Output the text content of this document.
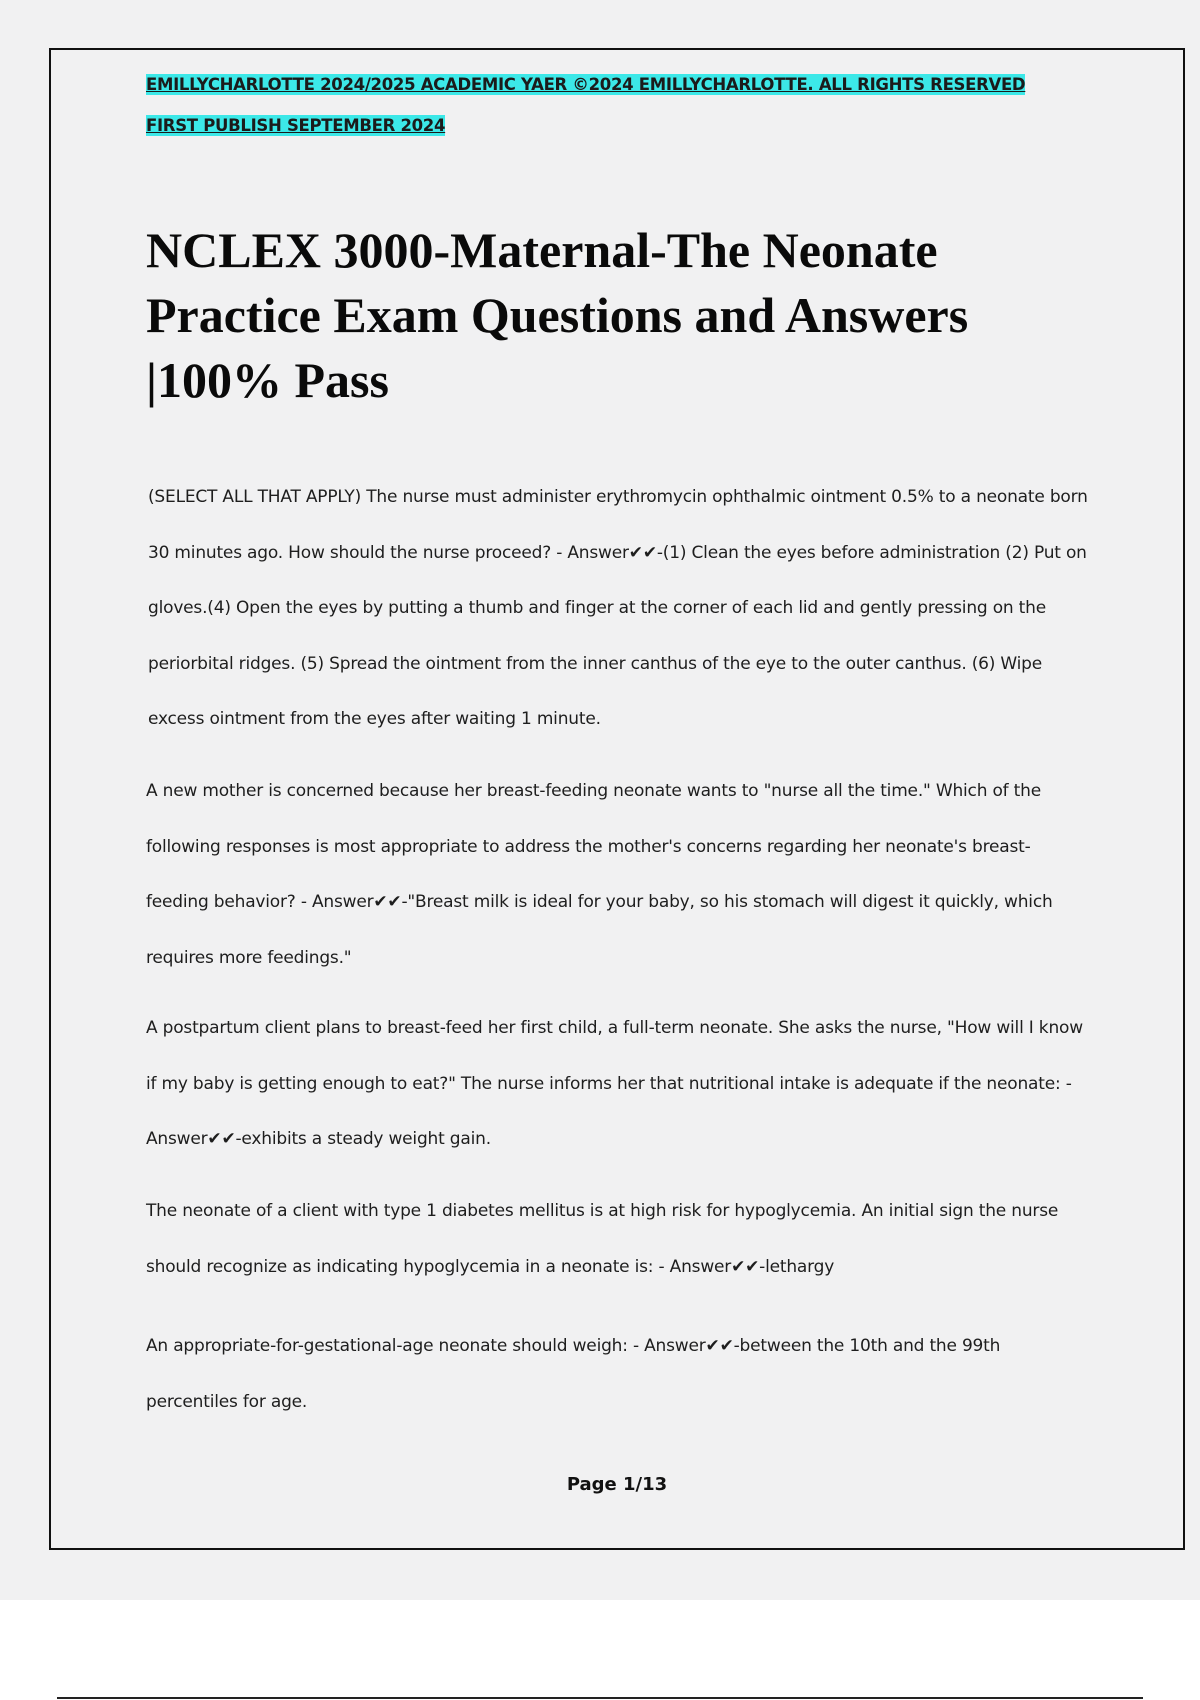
EMILLYCHARLOTTE 2024/2025 ACADEMIC YAER ©2024 EMILLYCHARLOTTE. ALL RIGHTS RESERVED
FIRST PUBLISH SEPTEMBER 2024
NCLEX 3000-Maternal-The Neonate Practice Exam Questions and Answers |100% Pass

(SELECT ALL THAT APPLY) The nurse must administer erythromycin ophthalmic ointment 0.5% to a neonate born 30 minutes ago. How should the nurse proceed? - Answer✔✔-(1) Clean the eyes before administration (2) Put on gloves.(4) Open the eyes by putting a thumb and finger at the corner of each lid and gently pressing on the periorbital ridges. (5) Spread the ointment from the inner canthus of the eye to the outer canthus. (6) Wipe excess ointment from the eyes after waiting 1 minute.

A new mother is concerned because her breast-feeding neonate wants to "nurse all the time." Which of the following responses is most appropriate to address the mother's concerns regarding her neonate's breast-feeding behavior? - Answer✔✔-"Breast milk is ideal for your baby, so his stomach will digest it quickly, which requires more feedings."

A postpartum client plans to breast-feed her first child, a full-term neonate. She asks the nurse, "How will I know if my baby is getting enough to eat?" The nurse informs her that nutritional intake is adequate if the neonate: - Answer✔✔-exhibits a steady weight gain.

The neonate of a client with type 1 diabetes mellitus is at high risk for hypoglycemia. An initial sign the nurse should recognize as indicating hypoglycemia in a neonate is: - Answer✔✔-lethargy

An appropriate-for-gestational-age neonate should weigh: - Answer✔✔-between the 10th and the 99th percentiles for age.

Page 1/13
